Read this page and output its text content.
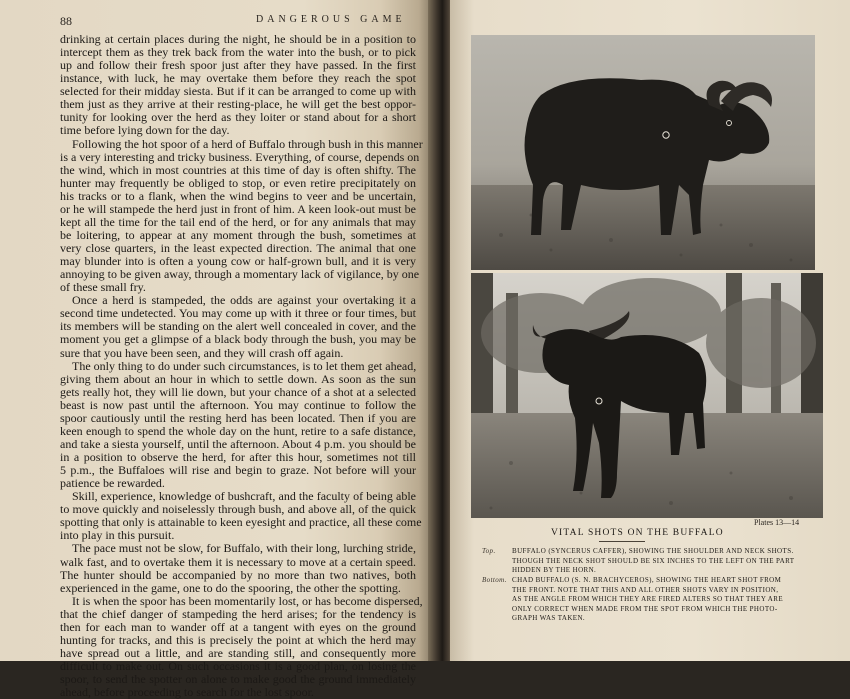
88	DANGEROUS GAME
drinking at certain places during the night, he should be in a position to
intercept them as they trek back from the water into the bush, or to pick
up and follow their fresh spoor just after they have passed. In the first
instance, with luck, he may overtake them before they reach the spot
selected for their midday siesta. But if it can be arranged to come up with
them just as they arrive at their resting-place, he will get the best oppor-
tunity for looking over the herd as they loiter or stand about for a short
time before lying down for the day.
Following the hot spoor of a herd of Buffalo through bush in this manner
is a very interesting and tricky business. Everything, of course, depends on
the wind, which in most countries at this time of day is often shifty. The
hunter may frequently be obliged to stop, or even retire precipitately on
his tracks or to a flank, when the wind begins to veer and be uncertain,
or he will stampede the herd just in front of him. A keen look-out must be
kept all the time for the tail end of the herd, or for any animals that may
be loitering, to appear at any moment through the bush, sometimes at
very close quarters, in the least expected direction. The animal that one
may blunder into is often a young cow or half-grown bull, and it is very
annoying to be given away, through a momentary lack of vigilance, by one
of these small fry.
Once a herd is stampeded, the odds are against your overtaking it a
second time undetected. You may come up with it three or four times, but
its members will be standing on the alert well concealed in cover, and the
moment you get a glimpse of a black body through the bush, you may be
sure that you have been seen, and they will crash off again.
The only thing to do under such circumstances, is to let them get ahead,
giving them about an hour in which to settle down. As soon as the sun
gets really hot, they will lie down, but your chance of a shot at a selected
beast is now past until the afternoon. You may continue to follow the
spoor cautiously until the resting herd has been located. Then if you are
keen enough to spend the whole day on the hunt, retire to a safe distance,
and take a siesta yourself, until the afternoon. About 4 p.m. you should be
in a position to observe the herd, for after this hour, sometimes not till
5 p.m., the Buffaloes will rise and begin to graze. Not before will your
patience be rewarded.
Skill, experience, knowledge of bushcraft, and the faculty of being able
to move quickly and noiselessly through bush, and above all, of the quick
spotting that only is attainable to keen eyesight and practice, all these come
into play in this pursuit.
The pace must not be slow, for Buffalo, with their long, lurching stride,
walk fast, and to overtake them it is necessary to move at a certain speed.
The hunter should be accompanied by no more than two natives, both
experienced in the game, one to do the spooring, the other the spotting.
It is when the spoor has been momentarily lost, or has become dispersed,
that the chief danger of stampeding the herd arises; for the tendency is
then for each man to wander off at a tangent with eyes on the ground
hunting for tracks, and this is precisely the point at which the herd may
have spread out a little, and are standing still, and consequently more
difficult to make out. On such occasions it is a good plan, on losing the
spoor, to send the spotter on alone to make good the ground immediately
ahead, before proceeding to search for the lost spoor.
Plates 13—14
VITAL SHOTS ON THE BUFFALO
Top. BUFFALO (SYNCERUS CAFFER), SHOWING THE SHOULDER AND NECK SHOTS.
THOUGH THE NECK SHOT SHOULD BE SIX INCHES TO THE LEFT ON THE PART
HIDDEN BY THE HORN.
Bottom. CHAD BUFFALO (S. N. BRACHYCEROS), SHOWING THE HEART SHOT FROM
THE FRONT. NOTE THAT THIS AND ALL OTHER SHOTS VARY IN POSITION,
AS THE ANGLE FROM WHICH THEY ARE FIRED ALTERS SO THAT THEY ARE
ONLY CORRECT WHEN MADE FROM THE SPOT FROM WHICH THE PHOTO-
GRAPH WAS TAKEN.
